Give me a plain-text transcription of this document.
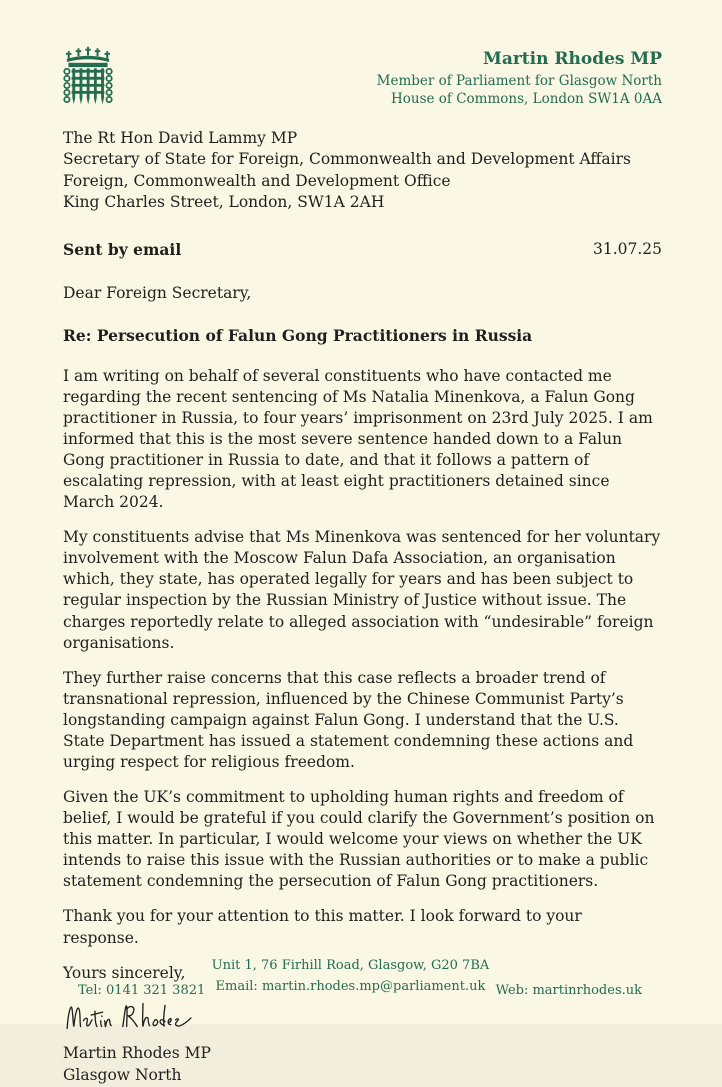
Martin Rhodes MP
Member of Parliament for Glasgow North
House of Commons, London SW1A 0AA
The Rt Hon David Lammy MP
Secretary of State for Foreign, Commonwealth and Development Affairs
Foreign, Commonwealth and Development Office
King Charles Street, London, SW1A 2AH
Sent by email	31.07.25

Dear Foreign Secretary,

Re: Persecution of Falun Gong Practitioners in Russia

I am writing on behalf of several constituents who have contacted me regarding the recent sentencing of Ms Natalia Minenkova, a Falun Gong practitioner in Russia, to four years’ imprisonment on 23rd July 2025. I am informed that this is the most severe sentence handed down to a Falun Gong practitioner in Russia to date, and that it follows a pattern of escalating repression, with at least eight practitioners detained since March 2024.

My constituents advise that Ms Minenkova was sentenced for her voluntary involvement with the Moscow Falun Dafa Association, an organisation which, they state, has operated legally for years and has been subject to regular inspection by the Russian Ministry of Justice without issue. The charges reportedly relate to alleged association with “undesirable” foreign organisations.

They further raise concerns that this case reflects a broader trend of transnational repression, influenced by the Chinese Communist Party’s longstanding campaign against Falun Gong. I understand that the U.S. State Department has issued a statement condemning these actions and urging respect for religious freedom.

Given the UK’s commitment to upholding human rights and freedom of belief, I would be grateful if you could clarify the Government’s position on this matter. In particular, I would welcome your views on whether the UK intends to raise this issue with the Russian authorities or to make a public statement condemning the persecution of Falun Gong practitioners.

Thank you for your attention to this matter. I look forward to your response.

Yours sincerely,

Martin Rhodes MP
Glasgow North
Tel: 0141 321 3821
Unit 1, 76 Firhill Road, Glasgow, G20 7BA
Email: martin.rhodes.mp@parliament.uk Web: martinrhodes.uk
